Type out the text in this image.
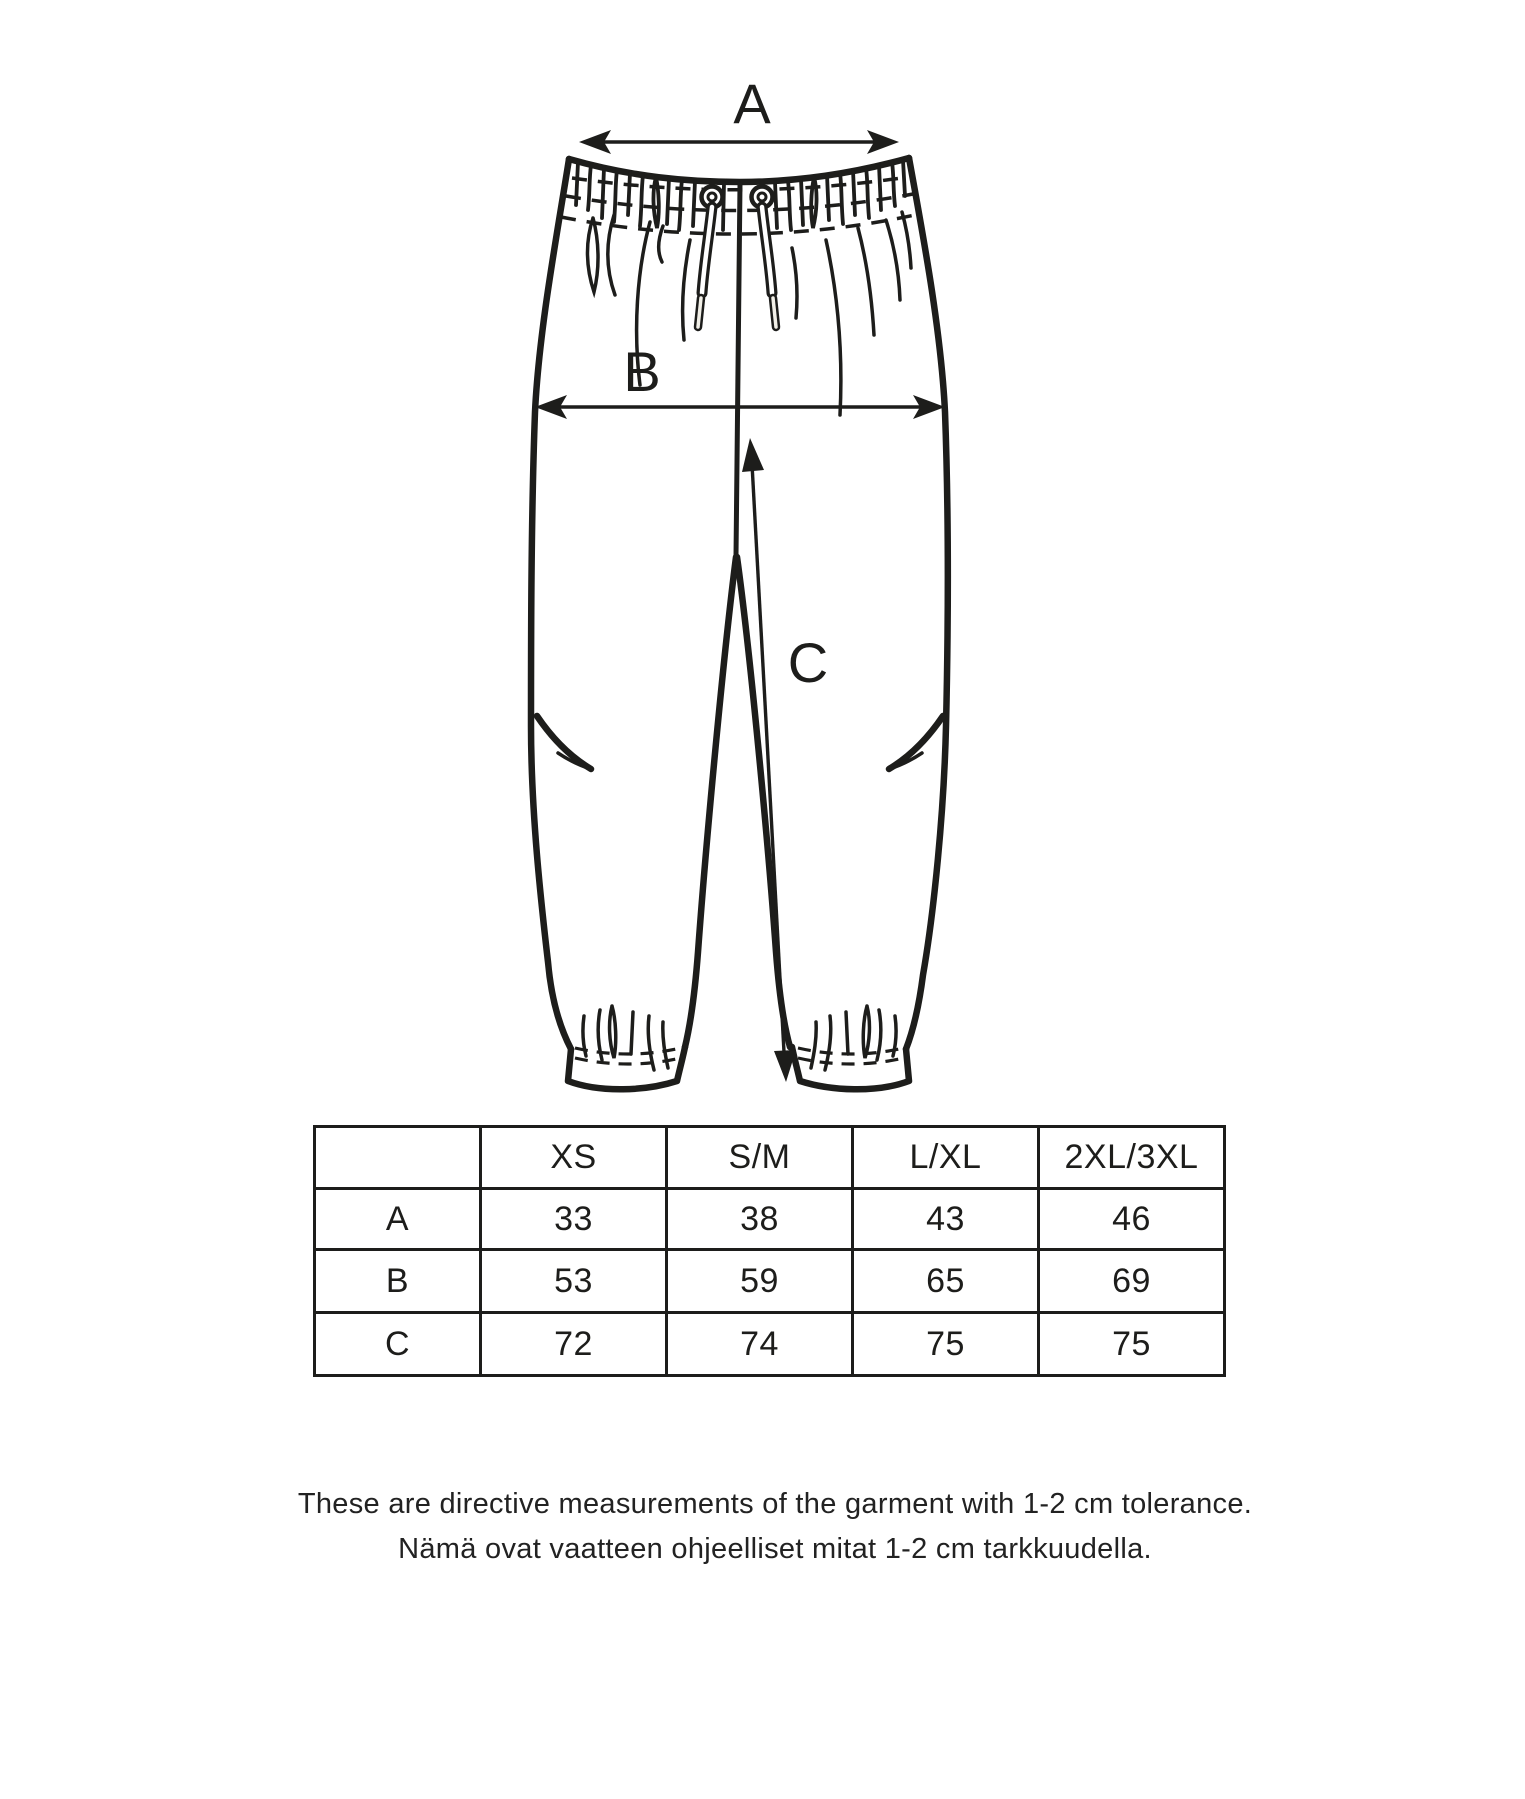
A
B
C
	XS	S/M	L/XL	2XL/3XL
A	33	38	43	46
B	53	59	65	69
C	72	74	75	75
These are directive measurements of the garment with 1-2 cm tolerance.
Nämä ovat vaatteen ohjeelliset mitat 1-2 cm tarkkuudella.
